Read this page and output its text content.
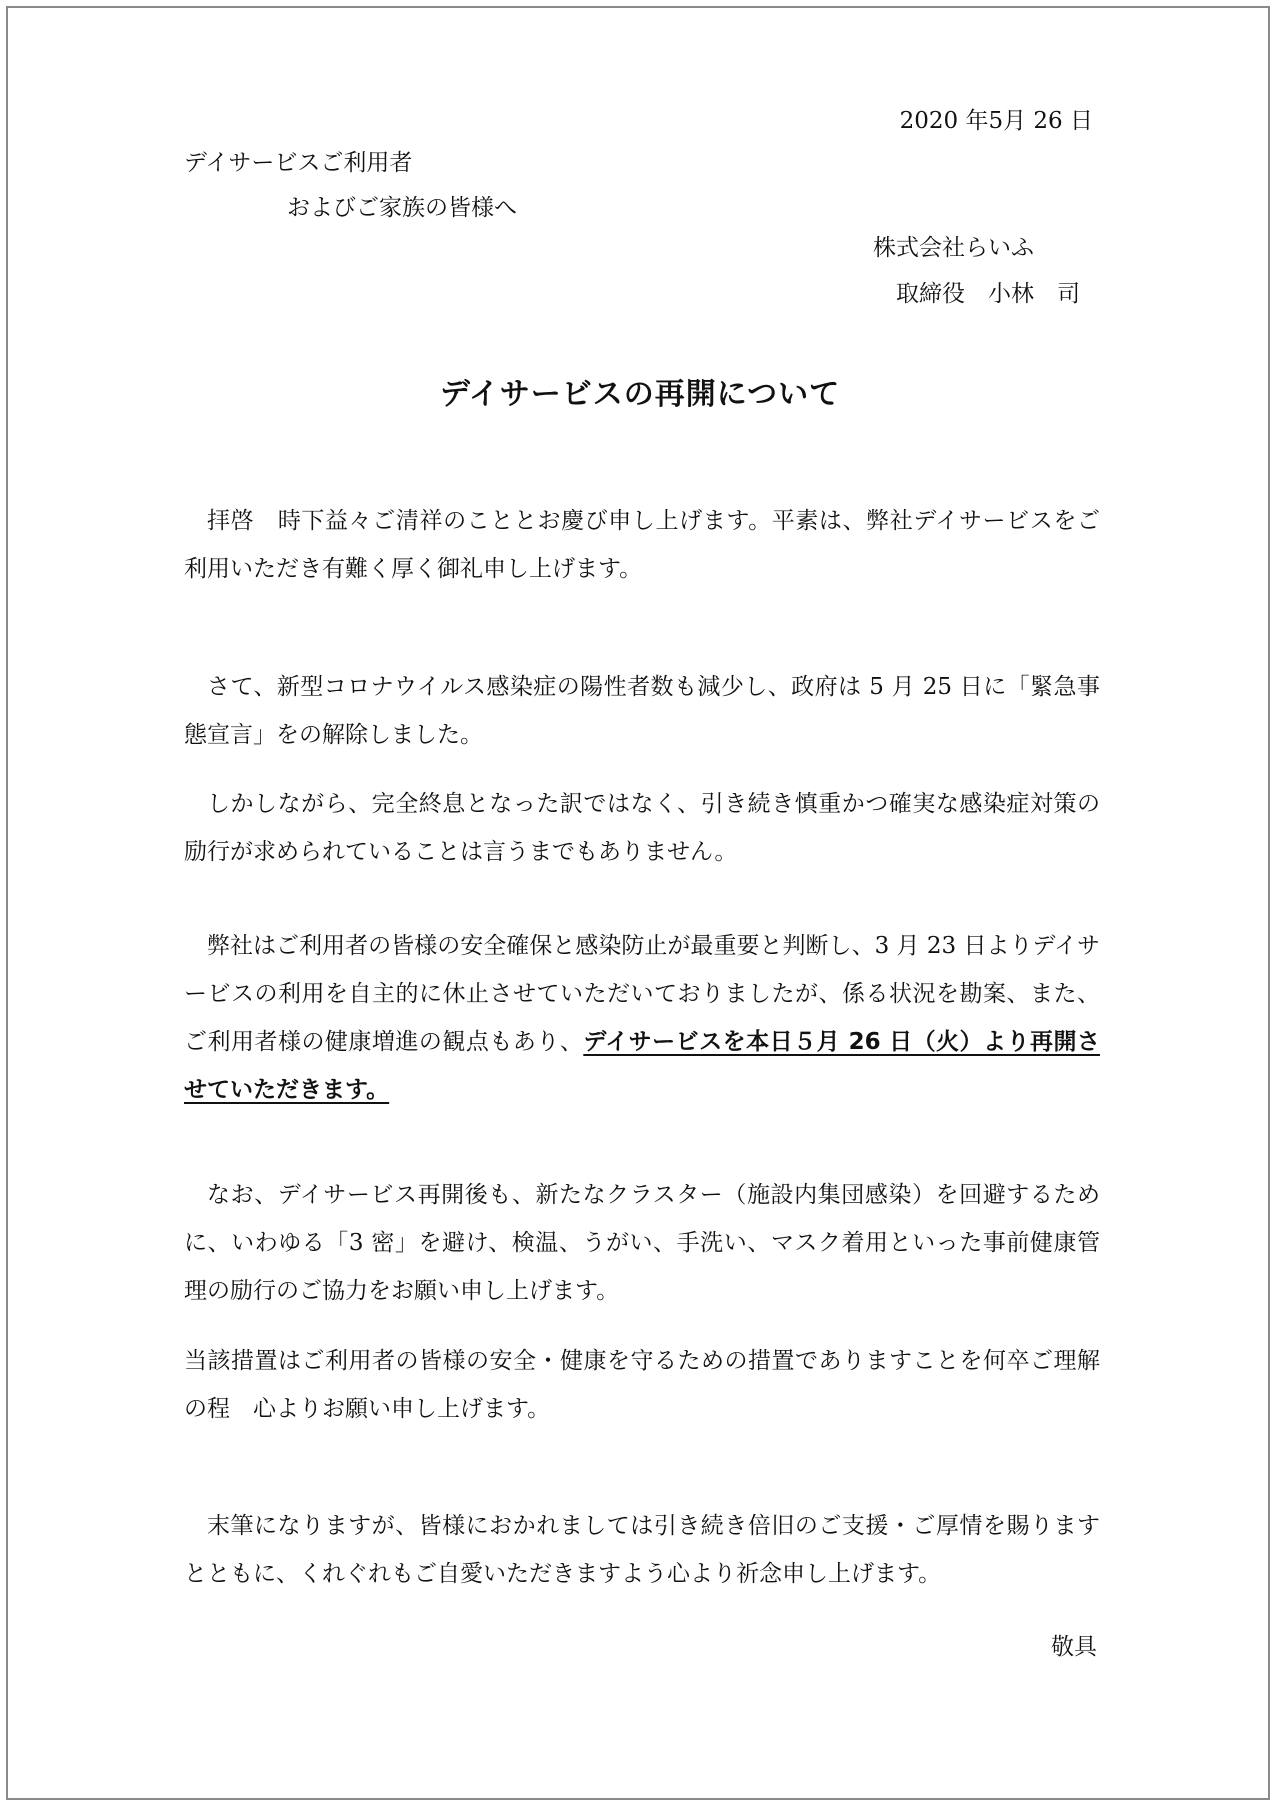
2020 年5月 26 日
デイサービスご利用者
およびご家族の皆様へ
株式会社らいふ
取締役　小林　司
デイサービスの再開について
拝啓　時下益々ご清祥のこととお慶び申し上げます。平素は、弊社デイサービスをご利用いただき有難く厚く御礼申し上げます。
さて、新型コロナウイルス感染症の陽性者数も減少し、政府は 5 月 25 日に「緊急事態宣言」をの解除しました。
しかしながら、完全終息となった訳ではなく、引き続き慎重かつ確実な感染症対策の励行が求められていることは言うまでもありません。
弊社はご利用者の皆様の安全確保と感染防止が最重要と判断し、3 月 23 日よりデイサービスの利用を自主的に休止させていただいておりましたが、係る状況を勘案、また、ご利用者様の健康増進の観点もあり、デイサービスを本日５月 26 日（火）より再開させていただきます。
なお、デイサービス再開後も、新たなクラスター（施設内集団感染）を回避するために、いわゆる「3 密」を避け、検温、うがい、手洗い、マスク着用といった事前健康管理の励行のご協力をお願い申し上げます。
当該措置はご利用者の皆様の安全・健康を守るための措置でありますことを何卒ご理解の程　心よりお願い申し上げます。
末筆になりますが、皆様におかれましては引き続き倍旧のご支援・ご厚情を賜りますとともに、くれぐれもご自愛いただきますよう心より祈念申し上げます。
敬具
